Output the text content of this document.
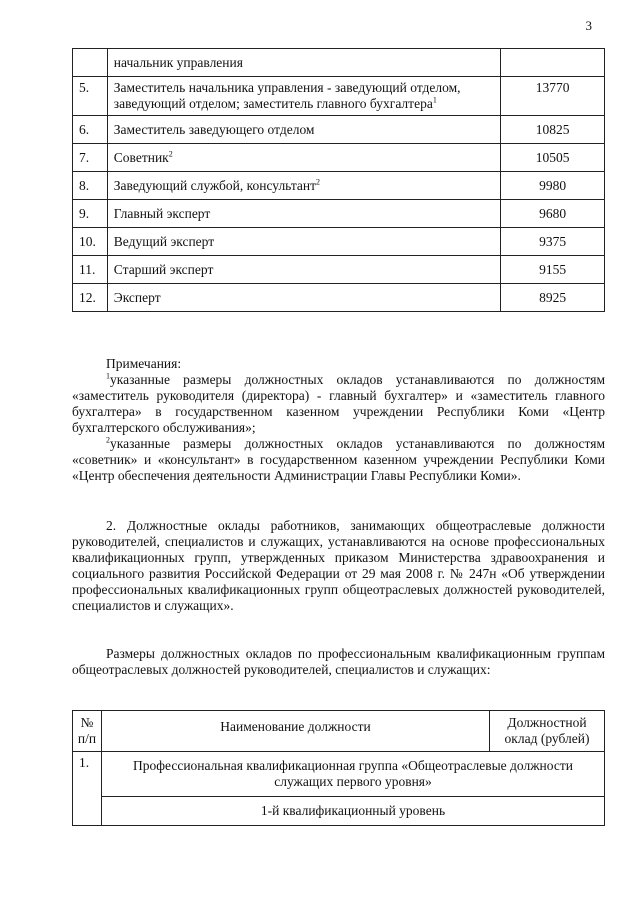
3
	начальник управления	
5.	Заместитель начальника управления - заведующий отделом, заведующий отделом; заместитель главного бухгалтера$^1$	13770
6.	Заместитель заведующего отделом	10825
7.	Советник$^2$	10505
8.	Заведующий службой, консультант$^2$	9980
9.	Главный эксперт	9680
10.	Ведущий эксперт	9375
11.	Старший эксперт	9155
12.	Эксперт	8925

Примечания:

$^1$указанные размеры должностных окладов устанавливаются по должностям «заместитель руководителя (директора) - главный бухгалтер» и «заместитель главного бухгалтера» в государственном казенном учреждении Республики Коми «Центр бухгалтерского обслуживания»;

$^2$указанные размеры должностных окладов устанавливаются по должностям «советник» и «консультант» в государственном казенном учреждении Республики Коми «Центр обеспечения деятельности Администрации Главы Республики Коми».

2. Должностные оклады работников, занимающих общеотраслевые должности руководителей, специалистов и служащих, устанавливаются на основе профессиональных квалификационных групп, утвержденных приказом Министерства здравоохранения и социального развития Российской Федерации от 29 мая 2008 г. № 247н «Об утверждении профессиональных квалификационных групп общеотраслевых должностей руководителей, специалистов и служащих».

Размеры должностных окладов по профессиональным квалификационным группам общеотраслевых должностей руководителей, специалистов и служащих:

№ п/п	Наименование должности	Должностной оклад (рублей)
1.	Профессиональная квалификационная группа «Общеотраслевые должности служащих первого уровня»	
	1-й квалификационный уровень	
